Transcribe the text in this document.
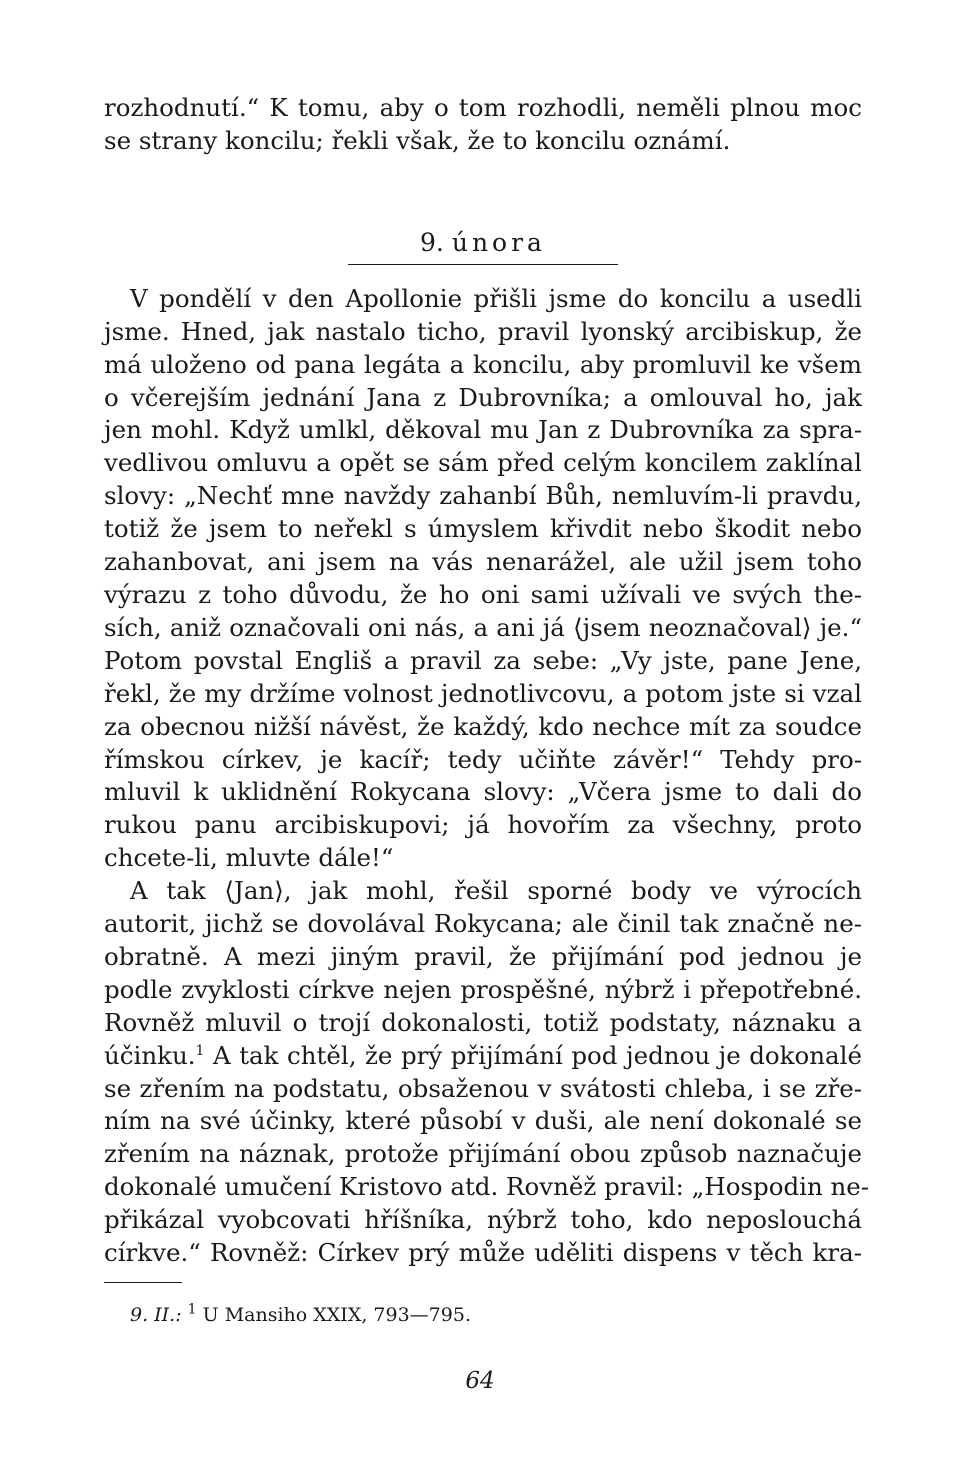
rozhodnutí.“ K tomu, aby o tom rozhodli, neměli plnou moc
se strany koncilu; řekli však, že to koncilu oznámí.
9. února
V pondělí v den Apollonie přišli jsme do koncilu a usedli
jsme. Hned, jak nastalo ticho, pravil lyonský arcibiskup, že
má uloženo od pana legáta a koncilu, aby promluvil ke všem
o včerejším jednání Jana z Dubrovníka; a omlouval ho, jak
jen mohl. Když umlkl, děkoval mu Jan z Dubrovníka za spra-
vedlivou omluvu a opět se sám před celým koncilem zaklínal
slovy: „Nechť mne navždy zahanbí Bůh, nemluvím-li pravdu,
totiž že jsem to neřekl s úmyslem křivdit nebo škodit nebo
zahanbovat, ani jsem na vás nenarážel, ale užil jsem toho
výrazu z toho důvodu, že ho oni sami užívali ve svých the-
sích, aniž označovali oni nás, a ani já ⟨jsem neoznačoval⟩ je.“
Potom povstal Engliš a pravil za sebe: „Vy jste, pane Jene,
řekl, že my držíme volnost jednotlivcovu, a potom jste si vzal
za obecnou nižší návěst, že každý, kdo nechce mít za soudce
římskou církev, je kacíř; tedy učiňte závěr!“ Tehdy pro-
mluvil k uklidnění Rokycana slovy: „Včera jsme to dali do
rukou panu arcibiskupovi; já hovořím za všechny, proto
chcete-li, mluvte dále!“
A tak ⟨Jan⟩, jak mohl, řešil sporné body ve výrocích
autorit, jichž se dovolával Rokycana; ale činil tak značně ne-
obratně. A mezi jiným pravil, že přijímání pod jednou je
podle zvyklosti církve nejen prospěšné, nýbrž i přepotřebné.
Rovněž mluvil o trojí dokonalosti, totiž podstaty, náznaku a
účinku.$^1$ A tak chtěl, že prý přijímání pod jednou je dokonalé
se zřením na podstatu, obsaženou v svátosti chleba, i se zře-
ním na své účinky, které působí v duši, ale není dokonalé se
zřením na náznak, protože přijímání obou způsob naznačuje
dokonalé umučení Kristovo atd. Rovněž pravil: „Hospodin ne-
přikázal vyobcovati hříšníka, nýbrž toho, kdo neposlouchá
církve.“ Rovněž: Církev prý může uděliti dispens v těch kra-
9. II.: $^1$ U Mansiho XXIX, 793—795.
64
